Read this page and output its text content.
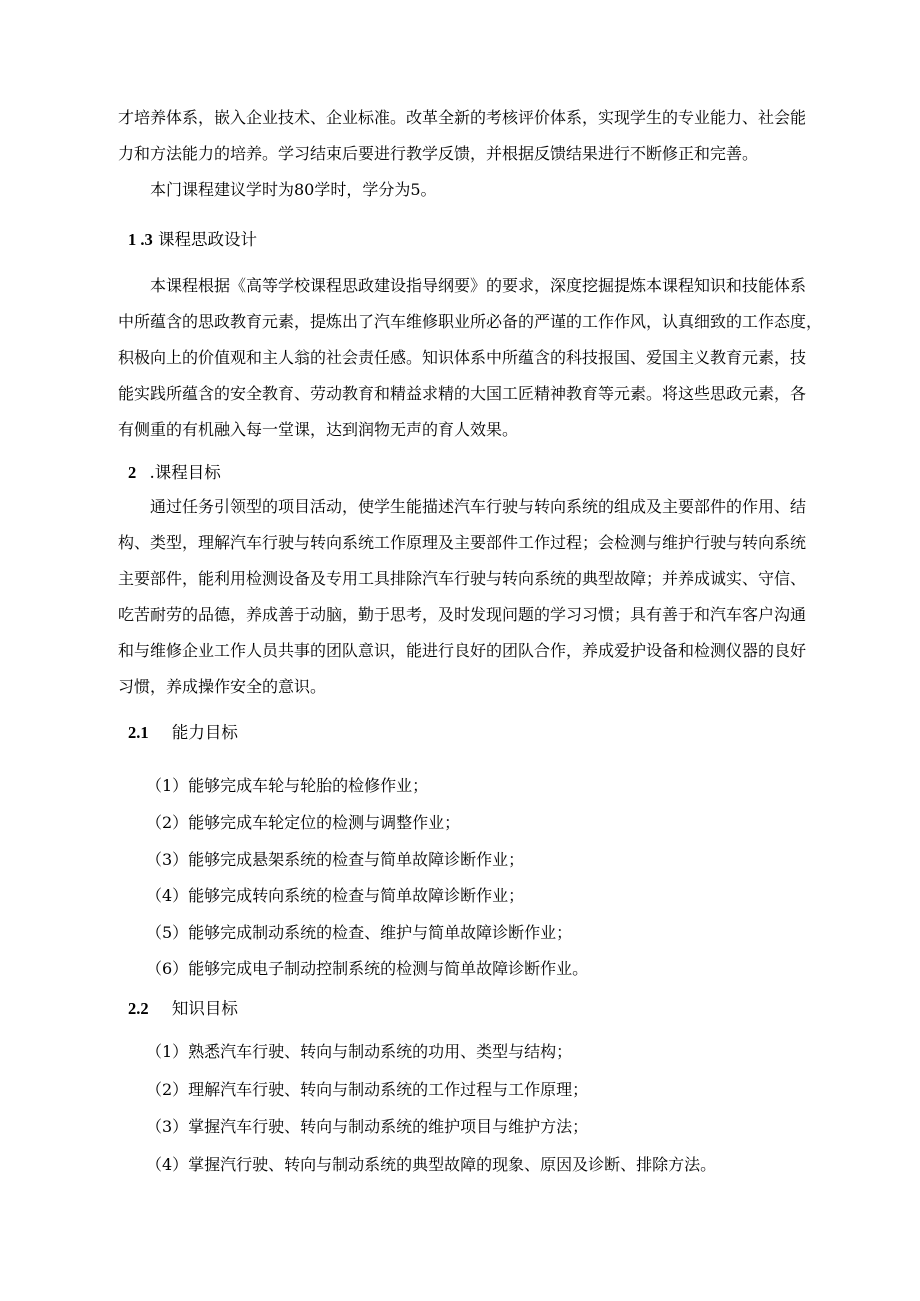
才培养体系，嵌入企业技术、企业标准。改革全新的考核评价体系，实现学生的专业能力、社会能
力和方法能力的培养。学习结束后要进行教学反馈，并根据反馈结果进行不断修正和完善。
本门课程建议学时为80学时，学分为5。
1 .3 课程思政设计
本课程根据《高等学校课程思政建设指导纲要》的要求，深度挖掘提炼本课程知识和技能体系
中所蕴含的思政教育元素，提炼出了汽车维修职业所必备的严谨的工作作风，认真细致的工作态度，
积极向上的价值观和主人翁的社会责任感。知识体系中所蕴含的科技报国、爱国主义教育元素，技
能实践所蕴含的安全教育、劳动教育和精益求精的大国工匠精神教育等元素。将这些思政元素，各
有侧重的有机融入每一堂课，达到润物无声的育人效果。
2 .课程目标
通过任务引领型的项目活动，使学生能描述汽车行驶与转向系统的组成及主要部件的作用、结
构、类型，理解汽车行驶与转向系统工作原理及主要部件工作过程；会检测与维护行驶与转向系统
主要部件，能利用检测设备及专用工具排除汽车行驶与转向系统的典型故障；并养成诚实、守信、
吃苦耐劳的品德，养成善于动脑，勤于思考，及时发现问题的学习习惯；具有善于和汽车客户沟通
和与维修企业工作人员共事的团队意识，能进行良好的团队合作，养成爱护设备和检测仪器的良好
习惯，养成操作安全的意识。
2.1 能力目标
（1）能够完成车轮与轮胎的检修作业；
（2）能够完成车轮定位的检测与调整作业；
（3）能够完成悬架系统的检查与简单故障诊断作业；
（4）能够完成转向系统的检查与简单故障诊断作业；
（5）能够完成制动系统的检查、维护与简单故障诊断作业；
（6）能够完成电子制动控制系统的检测与简单故障诊断作业。
2.2 知识目标
（1）熟悉汽车行驶、转向与制动系统的功用、类型与结构；
（2）理解汽车行驶、转向与制动系统的工作过程与工作原理；
（3）掌握汽车行驶、转向与制动系统的维护项目与维护方法；
（4）掌握汽行驶、转向与制动系统的典型故障的现象、原因及诊断、排除方法。
